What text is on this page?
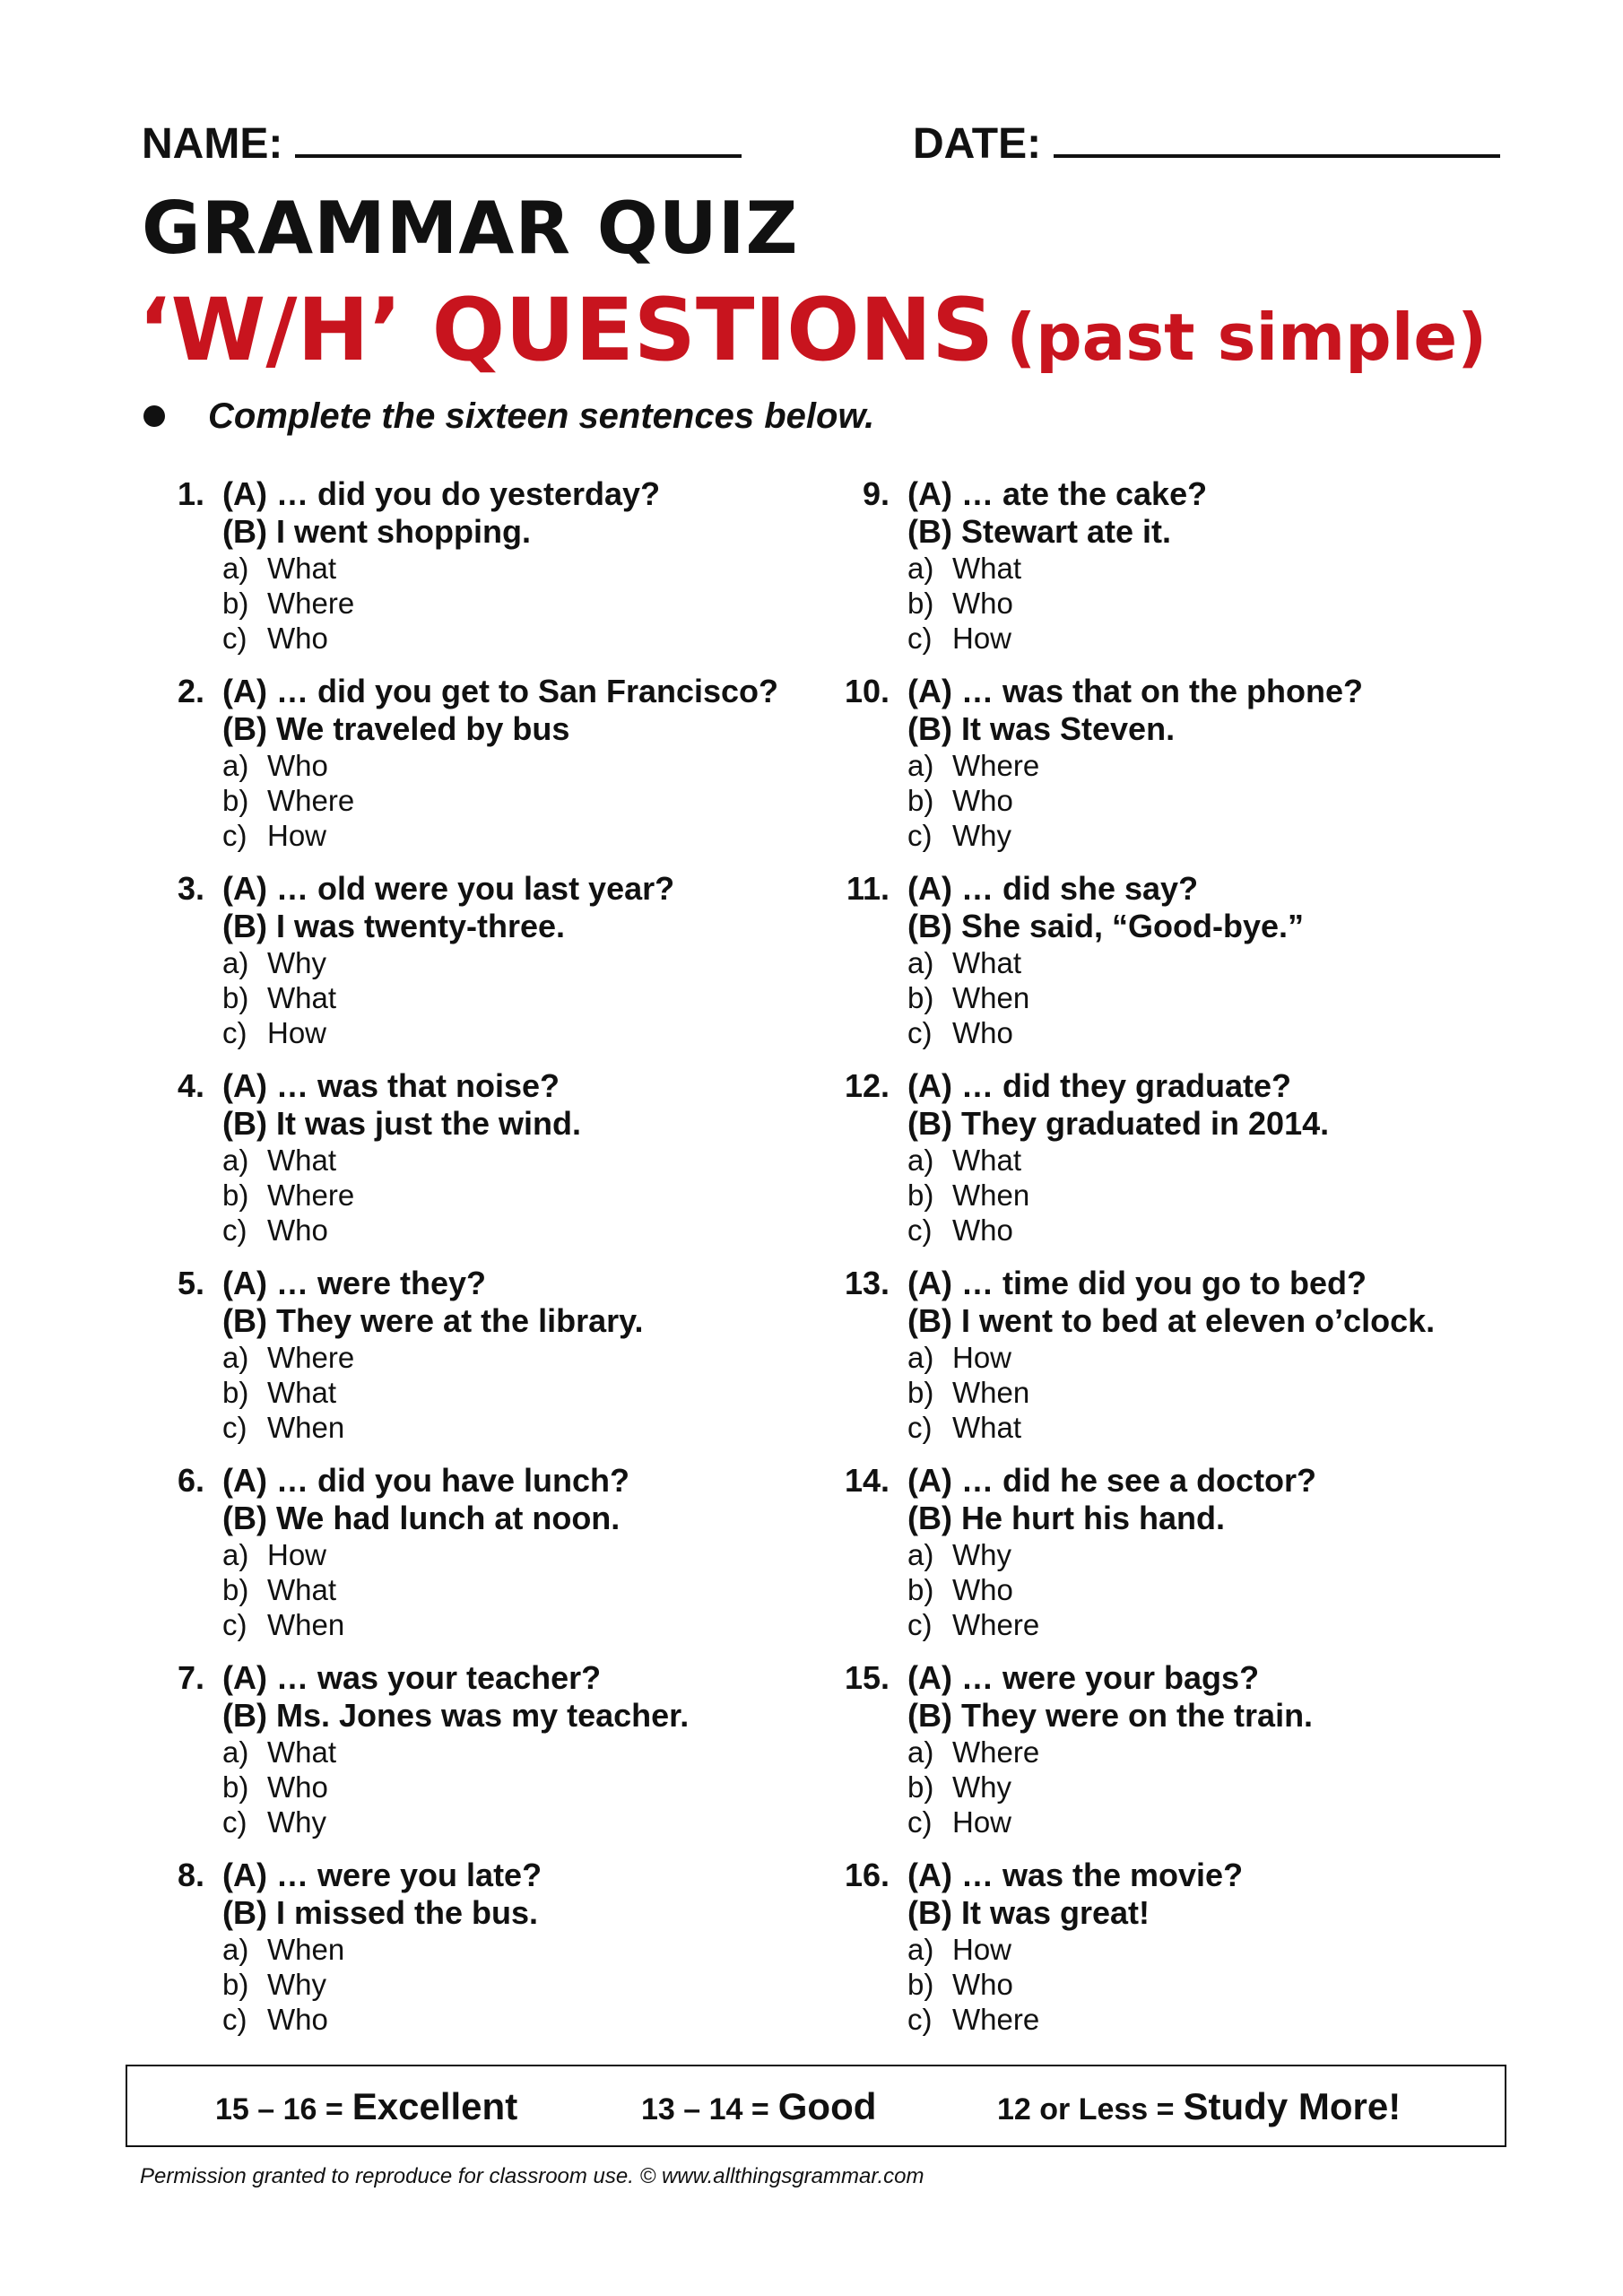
NAME:	DATE:
GRAMMAR QUIZ
‘W/H’ QUESTIONS (past simple)
Complete the sixteen sentences below.
1. (A) … did you do yesterday?
(B) I went shopping.
a) What
b) Where
c) Who
2. (A) … did you get to San Francisco?
(B) We traveled by bus
a) Who
b) Where
c) How
3. (A) … old were you last year?
(B) I was twenty-three.
a) Why
b) What
c) How
4. (A) … was that noise?
(B) It was just the wind.
a) What
b) Where
c) Who
5. (A) … were they?
(B) They were at the library.
a) Where
b) What
c) When
6. (A) … did you have lunch?
(B) We had lunch at noon.
a) How
b) What
c) When
7. (A) … was your teacher?
(B) Ms. Jones was my teacher.
a) What
b) Who
c) Why
8. (A) … were you late?
(B) I missed the bus.
a) When
b) Why
c) Who
9. (A) … ate the cake?
(B) Stewart ate it.
a) What
b) Who
c) How
10. (A) … was that on the phone?
(B) It was Steven.
a) Where
b) Who
c) Why
11. (A) … did she say?
(B) She said, “Good-bye.”
a) What
b) When
c) Who
12. (A) … did they graduate?
(B) They graduated in 2014.
a) What
b) When
c) Who
13. (A) … time did you go to bed?
(B) I went to bed at eleven o’clock.
a) How
b) When
c) What
14. (A) … did he see a doctor?
(B) He hurt his hand.
a) Why
b) Who
c) Where
15. (A) … were your bags?
(B) They were on the train.
a) Where
b) Why
c) How
16. (A) … was the movie?
(B) It was great!
a) How
b) Who
c) Where
15 – 16 = Excellent	13 – 14 = Good	12 or Less = Study More!
Permission granted to reproduce for classroom use. © www.allthingsgrammar.com
